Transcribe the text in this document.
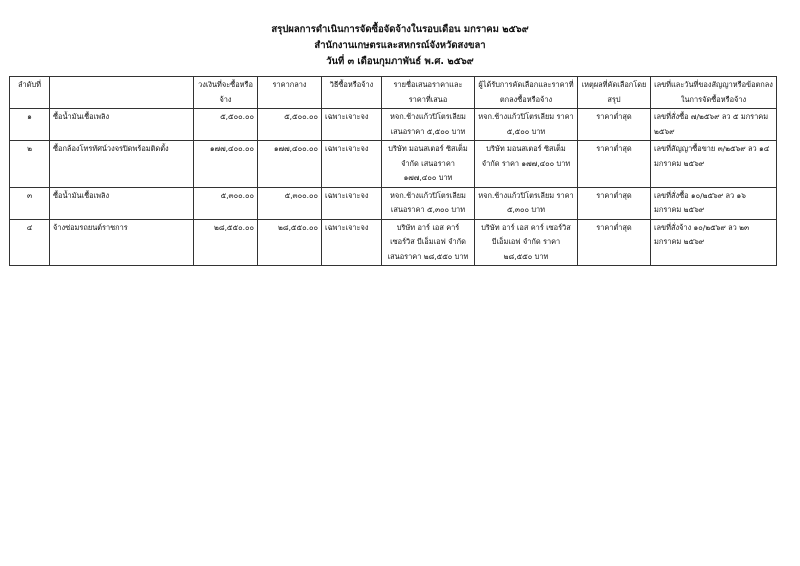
สรุปผลการดำเนินการจัดซื้อจัดจ้างในรอบเดือน มกราคม ๒๕๖๙
สำนักงานเกษตรและสหกรณ์จังหวัดสงขลา
วันที่ ๓ เดือนกุมภาพันธ์ พ.ศ. ๒๕๖๙
ลำดับที่		วงเงินที่จะซื้อหรือจ้าง	ราคากลาง	วิธีซื้อหรือจ้าง	รายชื่อเสนอราคาและราคาที่เสนอ	ผู้ได้รับการคัดเลือกและราคาที่ตกลงซื้อหรือจ้าง	เหตุผลที่คัดเลือกโดยสรุป	เลขที่และวันที่ของสัญญาหรือข้อตกลงในการจัดซื้อหรือจ้าง
๑	ซื้อน้ำมันเชื้อเพลิง	๕,๕๐๐.๐๐	๕,๕๐๐.๐๐	เฉพาะเจาะจง	หจก.ช้างแก้วปิโตรเลียม เสนอราคา ๕,๕๐๐ บาท	หจก.ช้างแก้วปิโตรเลียม ราคา ๕,๕๐๐ บาท	ราคาต่ำสุด	เลขที่สั่งซื้อ ๗/๒๕๖๙ ลว ๕ มกราคม ๒๕๖๙
๒	ซื้อกล้องโทรทัศน์วงจรปิดพร้อมติดตั้ง	๑๗๗,๔๐๐.๐๐	๑๗๗,๔๐๐.๐๐	เฉพาะเจาะจง	บริษัท มอนสเตอร์ ซิสเต็ม จำกัด เสนอราคา ๑๗๗,๔๐๐ บาท	บริษัท มอนสเตอร์ ซิสเต็ม จำกัด ราคา ๑๗๗,๔๐๐ บาท	ราคาต่ำสุด	เลขที่สัญญาซื้อขาย ๓/๒๕๖๙ ลว ๑๔ มกราคม ๒๕๖๙
๓	ซื้อน้ำมันเชื้อเพลิง	๕,๓๐๐.๐๐	๕,๓๐๐.๐๐	เฉพาะเจาะจง	หจก.ช้างแก้วปิโตรเลียม เสนอราคา ๕,๓๐๐ บาท	หจก.ช้างแก้วปิโตรเลียม ราคา ๕,๓๐๐ บาท	ราคาต่ำสุด	เลขที่สั่งซื้อ ๑๐/๒๕๖๙ ลว ๑๖ มกราคม ๒๕๖๙
๔	จ้างซ่อมรถยนต์ราชการ	๒๘,๕๕๐.๐๐	๒๘,๕๕๐.๐๐	เฉพาะเจาะจง	บริษัท อาร์ เอส คาร์ เซอร์วิส บีเอ็มเอฟ จำกัด เสนอราคา ๒๘,๕๕๐ บาท	บริษัท อาร์ เอส คาร์ เซอร์วิส บีเอ็มเอฟ จำกัด ราคา ๒๘,๕๕๐ บาท	ราคาต่ำสุด	เลขที่สั่งจ้าง ๑๐/๒๕๖๙ ลว ๒๓ มกราคม ๒๕๖๙
